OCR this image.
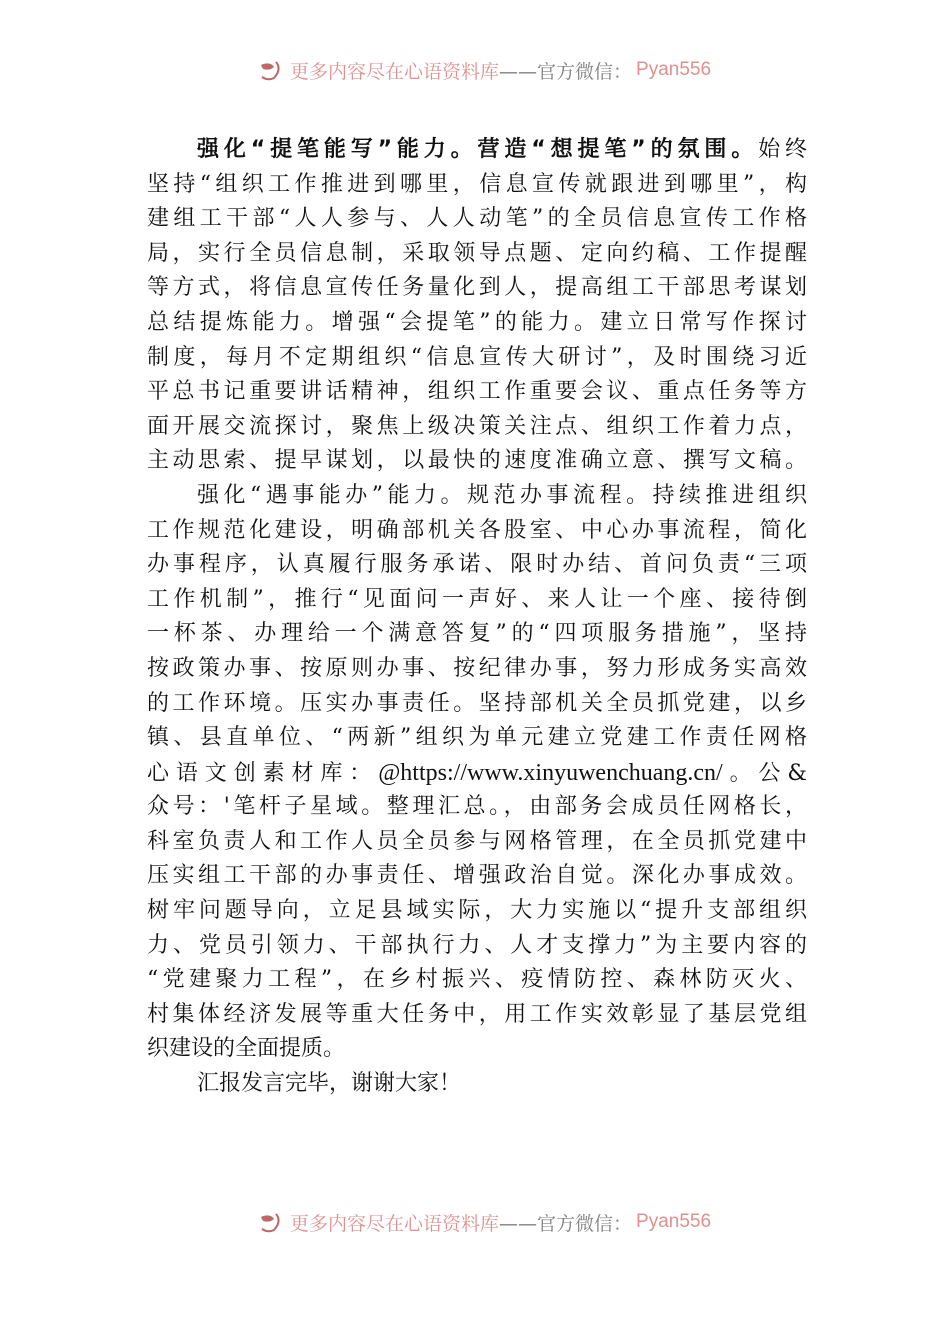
更多内容尽在心语资料库 ——官方微信： Pyan556
强化“提笔能写”能力。营造“想提笔”的氛围。始终
坚持“组织工作推进到哪里，信息宣传就跟进到哪里”，构
建组工干部“人人参与、人人动笔”的全员信息宣传工作格
局，实行全员信息制，采取领导点题、定向约稿、工作提醒
等方式，将信息宣传任务量化到人，提高组工干部思考谋划
总结提炼能力。增强“会提笔”的能力。建立日常写作探讨
制度，每月不定期组织“信息宣传大研讨”，及时围绕习近
平总书记重要讲话精神，组织工作重要会议、重点任务等方
面开展交流探讨，聚焦上级决策关注点、组织工作着力点，
主动思索、提早谋划，以最快的速度准确立意、撰写文稿。
强化“遇事能办”能力。规范办事流程。持续推进组织
工作规范化建设，明确部机关各股室、中心办事流程，简化
办事程序，认真履行服务承诺、限时办结、首问负责“三项
工作机制”，推行“见面问一声好、来人让一个座、接待倒
一杯茶、办理给一个满意答复”的“四项服务措施”，坚持
按政策办事、按原则办事、按纪律办事，努力形成务实高效
的工作环境。压实办事责任。坚持部机关全员抓党建，以乡
镇、县直单位、“两新”组织为单元建立党建工作责任网格
心语文创素材库：@https://www.xinyuwenchuang.cn/。公&
众号：'笔杆子星域。整理汇总。，由部务会成员任网格长，
科室负责人和工作人员全员参与网格管理，在全员抓党建中
压实组工干部的办事责任、增强政治自觉。深化办事成效。
树牢问题导向，立足县域实际，大力实施以“提升支部组织
力、党员引领力、干部执行力、人才支撑力”为主要内容的
“党建聚力工程”，在乡村振兴、疫情防控、森林防灭火、
村集体经济发展等重大任务中，用工作实效彰显了基层党组
织建设的全面提质。
汇报发言完毕，谢谢大家！
更多内容尽在心语资料库 ——官方微信： Pyan556
